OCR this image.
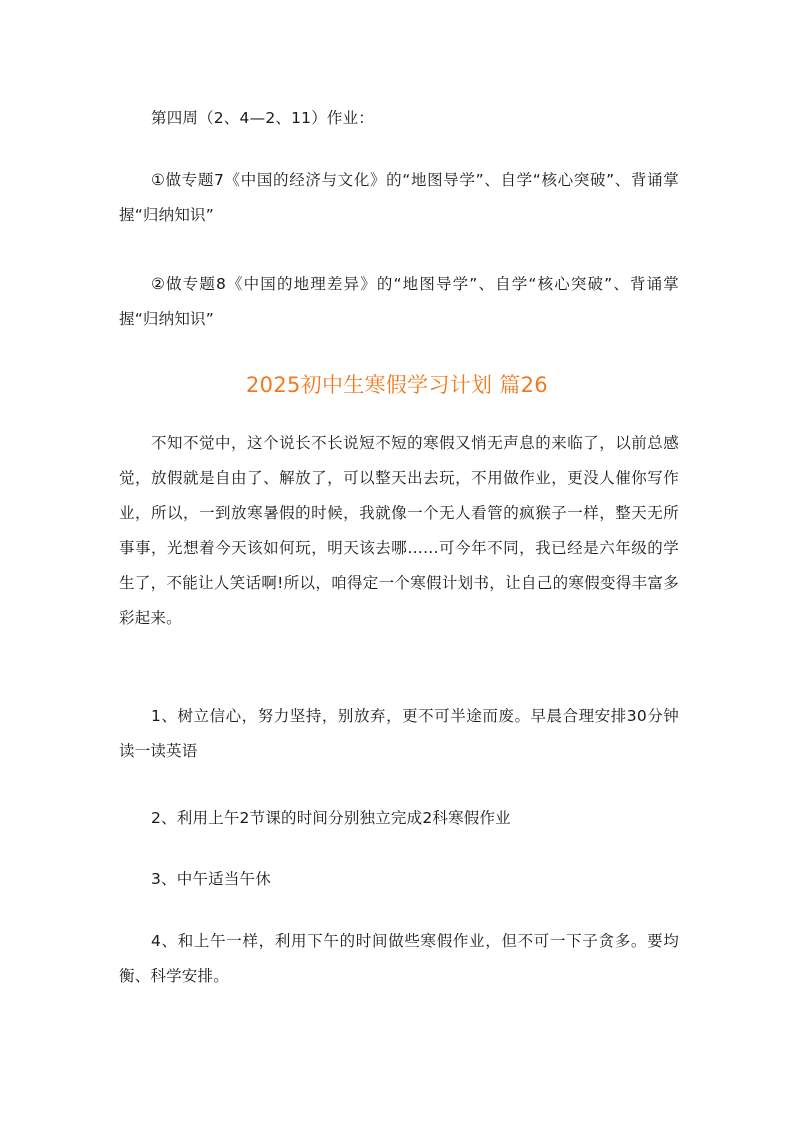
第四周（2、4—2、11）作业：

①做专题7《中国的经济与文化》的“地图导学”、自学“核心突破”、背诵掌握“归纳知识”

②做专题8《中国的地理差异》的“地图导学”、自学“核心突破”、背诵掌握“归纳知识”

2025初中生寒假学习计划 篇26

不知不觉中，这个说长不长说短不短的寒假又悄无声息的来临了，以前总感觉，放假就是自由了、解放了，可以整天出去玩，不用做作业，更没人催你写作业，所以，一到放寒暑假的时候，我就像一个无人看管的疯猴子一样，整天无所事事，光想着今天该如何玩，明天该去哪……可今年不同，我已经是六年级的学生了，不能让人笑话啊!所以，咱得定一个寒假计划书，让自己的寒假变得丰富多彩起来。

1、树立信心，努力坚持，别放弃，更不可半途而废。早晨合理安排30分钟读一读英语

2、利用上午2节课的时间分别独立完成2科寒假作业

3、中午适当午休

4、和上午一样，利用下午的时间做些寒假作业，但不可一下子贪多。要均衡、科学安排。
